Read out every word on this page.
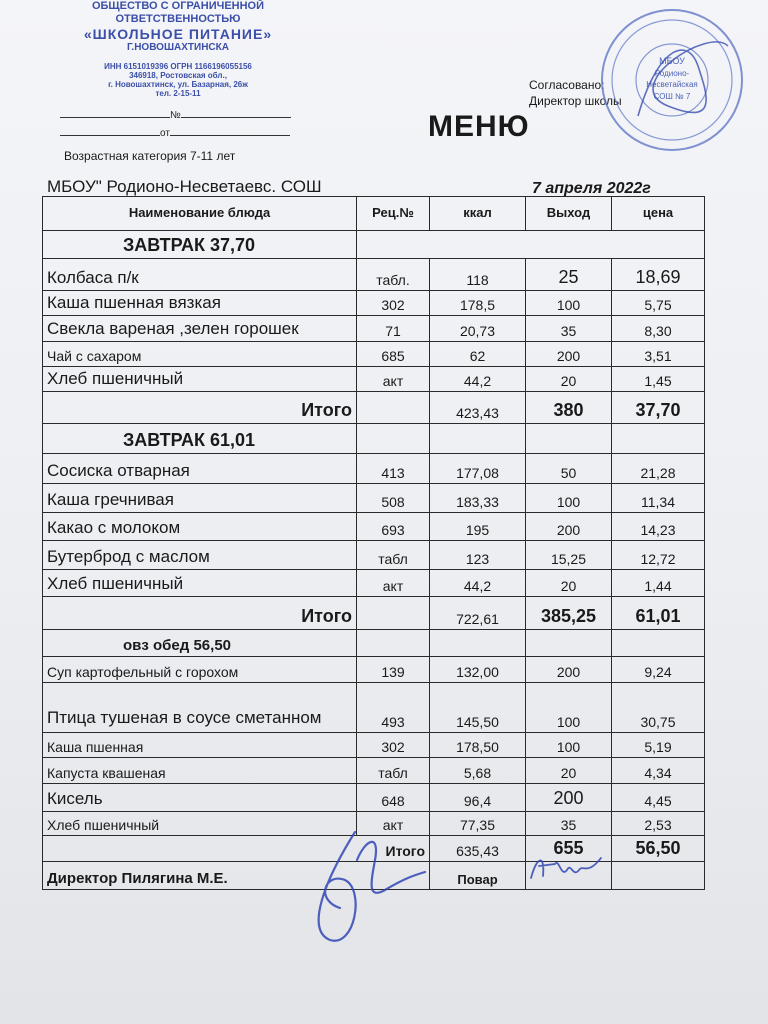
ОБЩЕСТВО С ОГРАНИЧЕННОЙ
ОТВЕТСТВЕННОСТЬЮ
«ШКОЛЬНОЕ ПИТАНИЕ»
Г.НОВОШАХТИНСКА
ИНН 6151019396 ОГРН 1166196055156
346918, Ростовская обл.,
г. Новошахтинск, ул. Базарная, 26ж
тел. 2-15-11
№
от
Возрастная категория 7-11 лет
Согласовано:
Директор школы
МБОУ
Родионо-
Несветайская
СОШ № 7
МЕНЮ
МБОУ" Родионо-Несветаевс. СОШ	7 апреля 2022г
Наименование блюда	Рец.№	ккал	Выход	цена
ЗАВТРАК 37,70				
Колбаса п/к	табл.	118	25	18,69
Каша пшенная вязкая	302	178,5	100	5,75
Свекла вареная ,зелен горошек	71	20,73	35	8,30
Чай с сахаром	685	62	200	3,51
Хлеб пшеничный	акт	44,2	20	1,45
Итого		423,43	380	37,70
ЗАВТРАК 61,01				
Сосиска отварная	413	177,08	50	21,28
Каша гречнивая	508	183,33	100	11,34
Какао с молоком	693	195	200	14,23
Бутерброд с маслом	табл	123	15,25	12,72
Хлеб пшеничный	акт	44,2	20	1,44
Итого		722,61	385,25	61,01
овз обед 56,50				
Суп картофельный с горохом	139	132,00	200	9,24
Птица тушеная в соусе сметанном	493	145,50	100	30,75
Каша пшенная	302	178,50	100	5,19
Капуста квашеная	табл	5,68	20	4,34
Кисель	648	96,4	200	4,45
Хлеб пшеничный	акт	77,35	35	2,53
Итого		635,43	655	56,50
Директор Пилягина М.Е.		Повар		
